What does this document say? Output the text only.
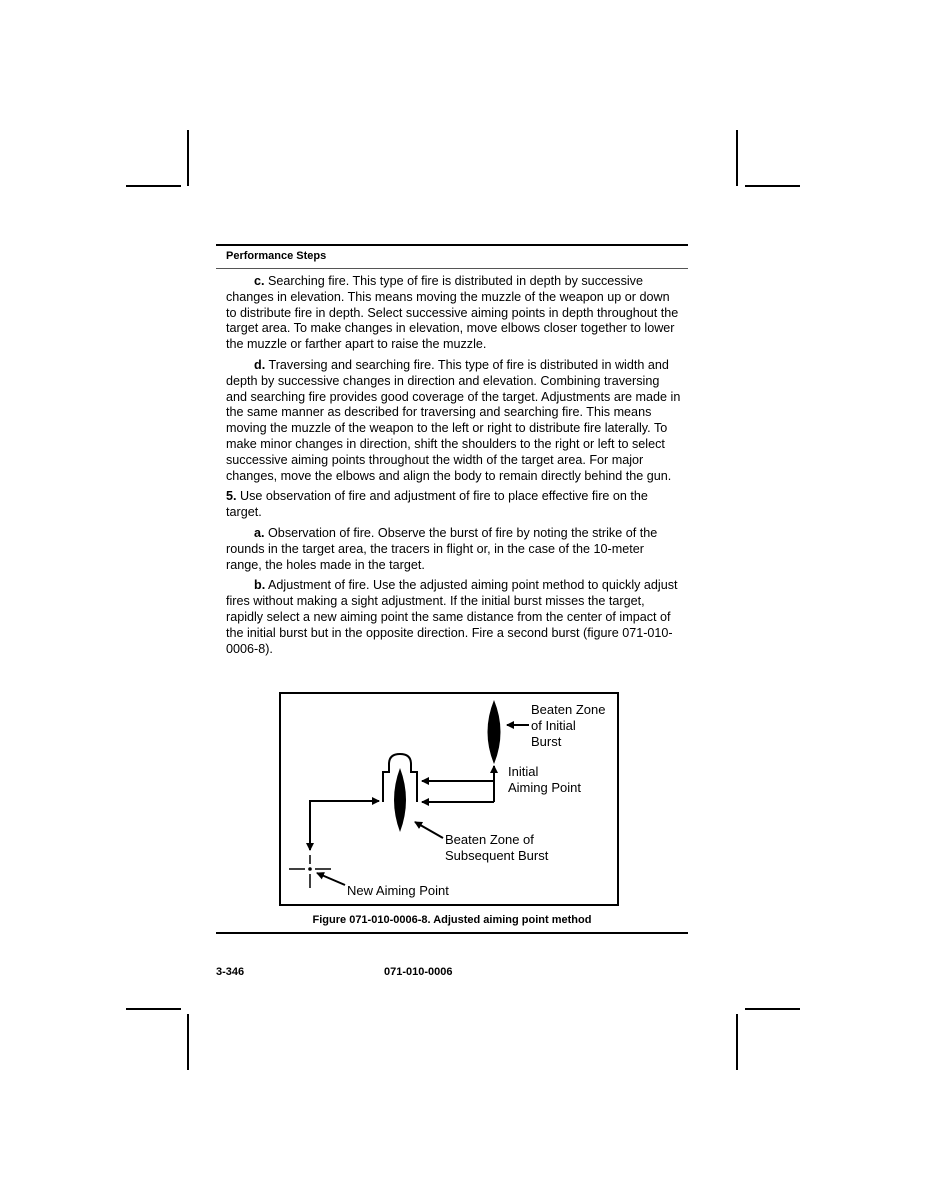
Performance Steps

c. Searching fire. This type of fire is distributed in depth by successive changes in elevation. This means moving the muzzle of the weapon up or down to distribute fire in depth. Select successive aiming points in depth throughout the target area. To make changes in elevation, move elbows closer together to lower the muzzle or farther apart to raise the muzzle.

d. Traversing and searching fire. This type of fire is distributed in width and depth by successive changes in direction and elevation. Combining traversing and searching fire provides good coverage of the target. Adjustments are made in the same manner as described for traversing and searching fire. This means moving the muzzle of the weapon to the left or right to distribute fire laterally. To make minor changes in direction, shift the shoulders to the right or left to select successive aiming points throughout the width of the target area. For major changes, move the elbows and align the body to remain directly behind the gun.

5. Use observation of fire and adjustment of fire to place effective fire on the target.

a. Observation of fire. Observe the burst of fire by noting the strike of the rounds in the target area, the tracers in flight or, in the case of the 10-meter range, the holes made in the target.

b. Adjustment of fire. Use the adjusted aiming point method to quickly adjust fires without making a sight adjustment. If the initial burst misses the target, rapidly select a new aiming point the same distance from the center of impact of the initial burst but in the opposite direction. Fire a second burst (figure 071-010-0006-8).

Beaten Zone
of Initial
Burst
Initial
Aiming Point
Beaten Zone of
Subsequent Burst
New Aiming Point
Figure 071-010-0006-8. Adjusted aiming point method
3-346	071-010-0006
